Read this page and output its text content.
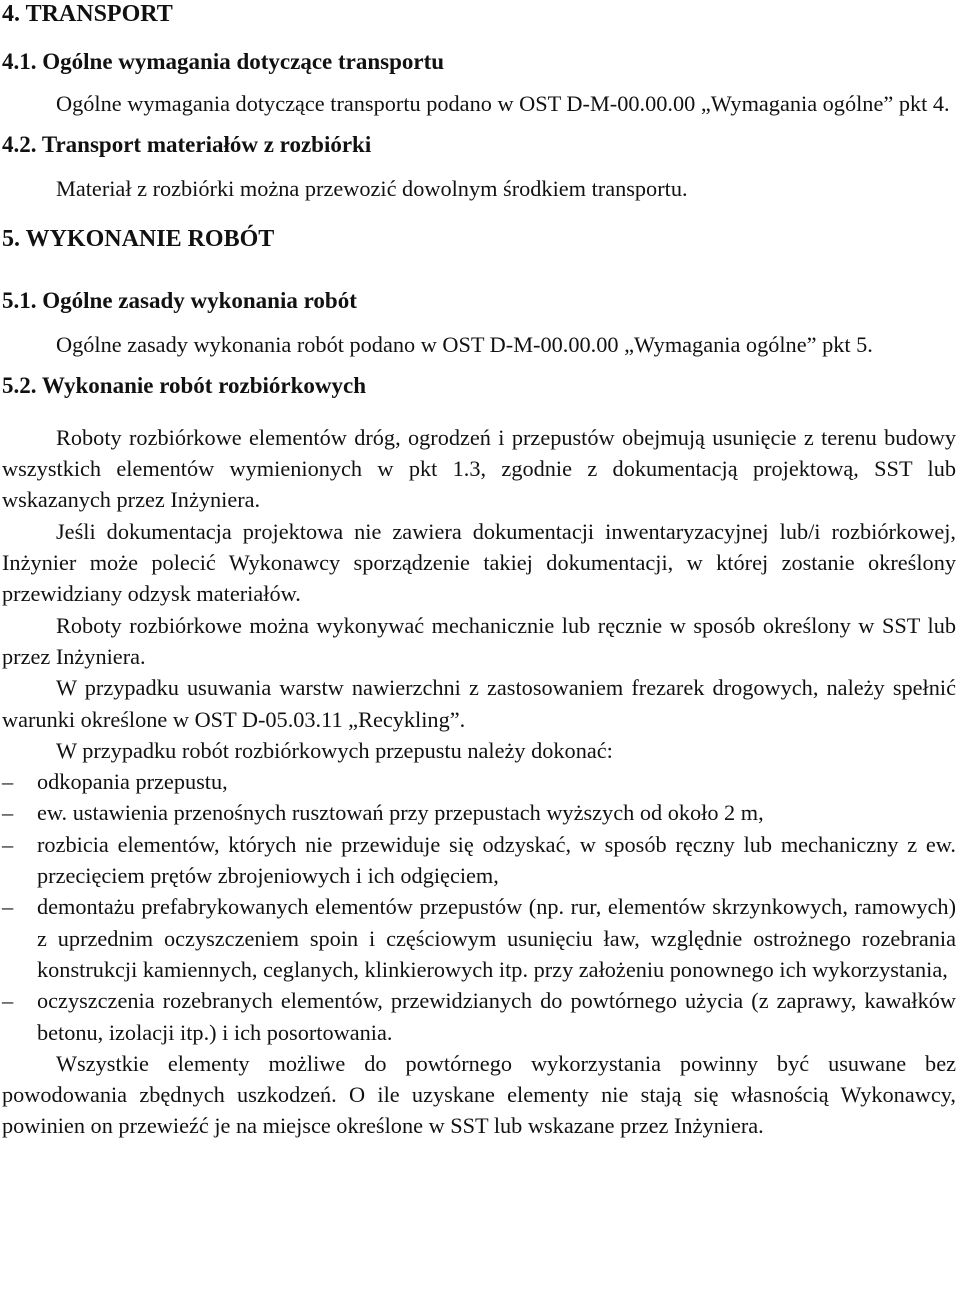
4. TRANSPORT
4.1. Ogólne wymagania dotyczące transportu

Ogólne wymagania dotyczące transportu podano w OST D-M-00.00.00 „Wymagania ogólne” pkt 4.

4.2. Transport materiałów z rozbiórki

Materiał z rozbiórki można przewozić dowolnym środkiem transportu.

5. WYKONANIE ROBÓT
5.1. Ogólne zasady wykonania robót

Ogólne zasady wykonania robót podano w OST D-M-00.00.00 „Wymagania ogólne” pkt 5.

5.2. Wykonanie robót rozbiórkowych

Roboty rozbiórkowe elementów dróg, ogrodzeń i przepustów obejmują usunięcie z terenu budowy wszystkich elementów wymienionych w pkt 1.3, zgodnie z dokumentacją projektową, SST lub wskazanych przez Inżyniera.

Jeśli dokumentacja projektowa nie zawiera dokumentacji inwentaryzacyjnej lub/i rozbiórkowej, Inżynier może polecić Wykonawcy sporządzenie takiej dokumentacji, w której zostanie określony przewidziany odzysk materiałów.

Roboty rozbiórkowe można wykonywać mechanicznie lub ręcznie w sposób określony w SST lub przez Inżyniera.

W przypadku usuwania warstw nawierzchni z zastosowaniem frezarek drogowych, należy spełnić warunki określone w OST D-05.03.11 „Recykling”.

W przypadku robót rozbiórkowych przepustu należy dokonać:

–	odkopania przepustu,
–	ew. ustawienia przenośnych rusztowań przy przepustach wyższych od około 2 m,
–	rozbicia elementów, których nie przewiduje się odzyskać, w sposób ręczny lub mechaniczny z ew. przecięciem prętów zbrojeniowych i ich odgięciem,
–	demontażu prefabrykowanych elementów przepustów (np. rur, elementów skrzynkowych, ramowych) z uprzednim oczyszczeniem spoin i częściowym usunięciu ław, względnie ostrożnego rozebrania konstrukcji kamiennych, ceglanych, klinkierowych itp. przy założeniu ponownego ich wykorzystania,
–	oczyszczenia rozebranych elementów, przewidzianych do powtórnego użycia (z zaprawy, kawałków betonu, izolacji itp.) i ich posortowania.

Wszystkie elementy możliwe do powtórnego wykorzystania powinny być usuwane bez powodowania zbędnych uszkodzeń. O ile uzyskane elementy nie stają się własnością Wykonawcy, powinien on przewieźć je na miejsce określone w SST lub wskazane przez Inżyniera.
